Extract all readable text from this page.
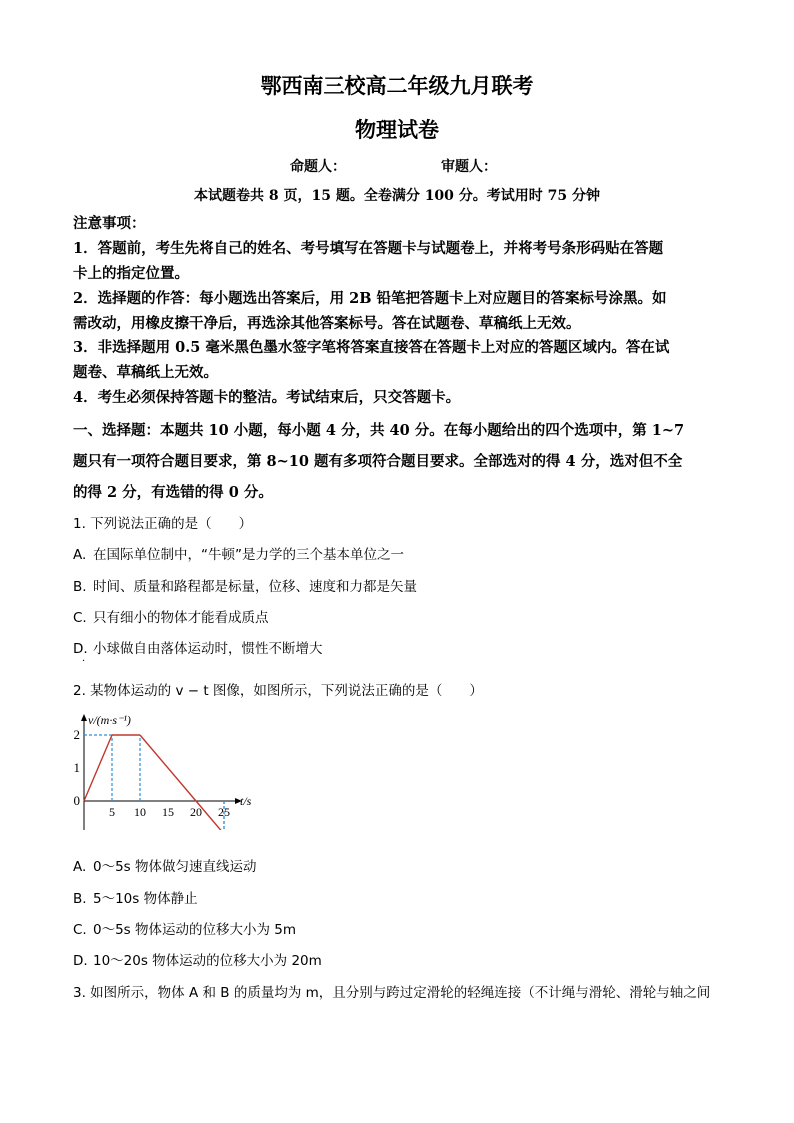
鄂西南三校高二年级九月联考
物理试卷
命题人：	审题人：
本试题卷共 8 页，15 题。全卷满分 100 分。考试用时 75 分钟
注意事项：
1．答题前，考生先将自己的姓名、考号填写在答题卡与试题卷上，并将考号条形码贴在答题
卡上的指定位置。
2．选择题的作答：每小题选出答案后，用 2B 铅笔把答题卡上对应题目的答案标号涂黑。如
需改动，用橡皮擦干净后，再选涂其他答案标号。答在试题卷、草稿纸上无效。
3．非选择题用 0.5 毫米黑色墨水签字笔将答案直接答在答题卡上对应的答题区域内。答在试
题卷、草稿纸上无效。
4．考生必须保持答题卡的整洁。考试结束后，只交答题卡。
一、选择题：本题共 10 小题，每小题 4 分，共 40 分。在每小题给出的四个选项中，第 1~7
题只有一项符合题目要求，第 8~10 题有多项符合题目要求。全部选对的得 4 分，选对但不全
的得 2 分，有选错的得 0 分。
1. 下列说法正确的是（　　）
A. 在国际单位制中，“牛顿”是力学的三个基本单位之一
B. 时间、质量和路程都是标量，位移、速度和力都是矢量
C. 只有细小的物体才能看成质点
D. 小球做自由落体运动时，惯性不断增大
·
2. 某物体运动的 v − t 图像，如图所示，下列说法正确的是（　　）
5 10 15 20 25
0
1
2
v/(m·s⁻¹)
t/s
A. 0～5s 物体做匀速直线运动
B. 5～10s 物体静止
C. 0～5s 物体运动的位移大小为 5m
D. 10～20s 物体运动的位移大小为 20m
3. 如图所示，物体 A 和 B 的质量均为 m，且分别与跨过定滑轮的轻绳连接（不计绳与滑轮、滑轮与轴之间
